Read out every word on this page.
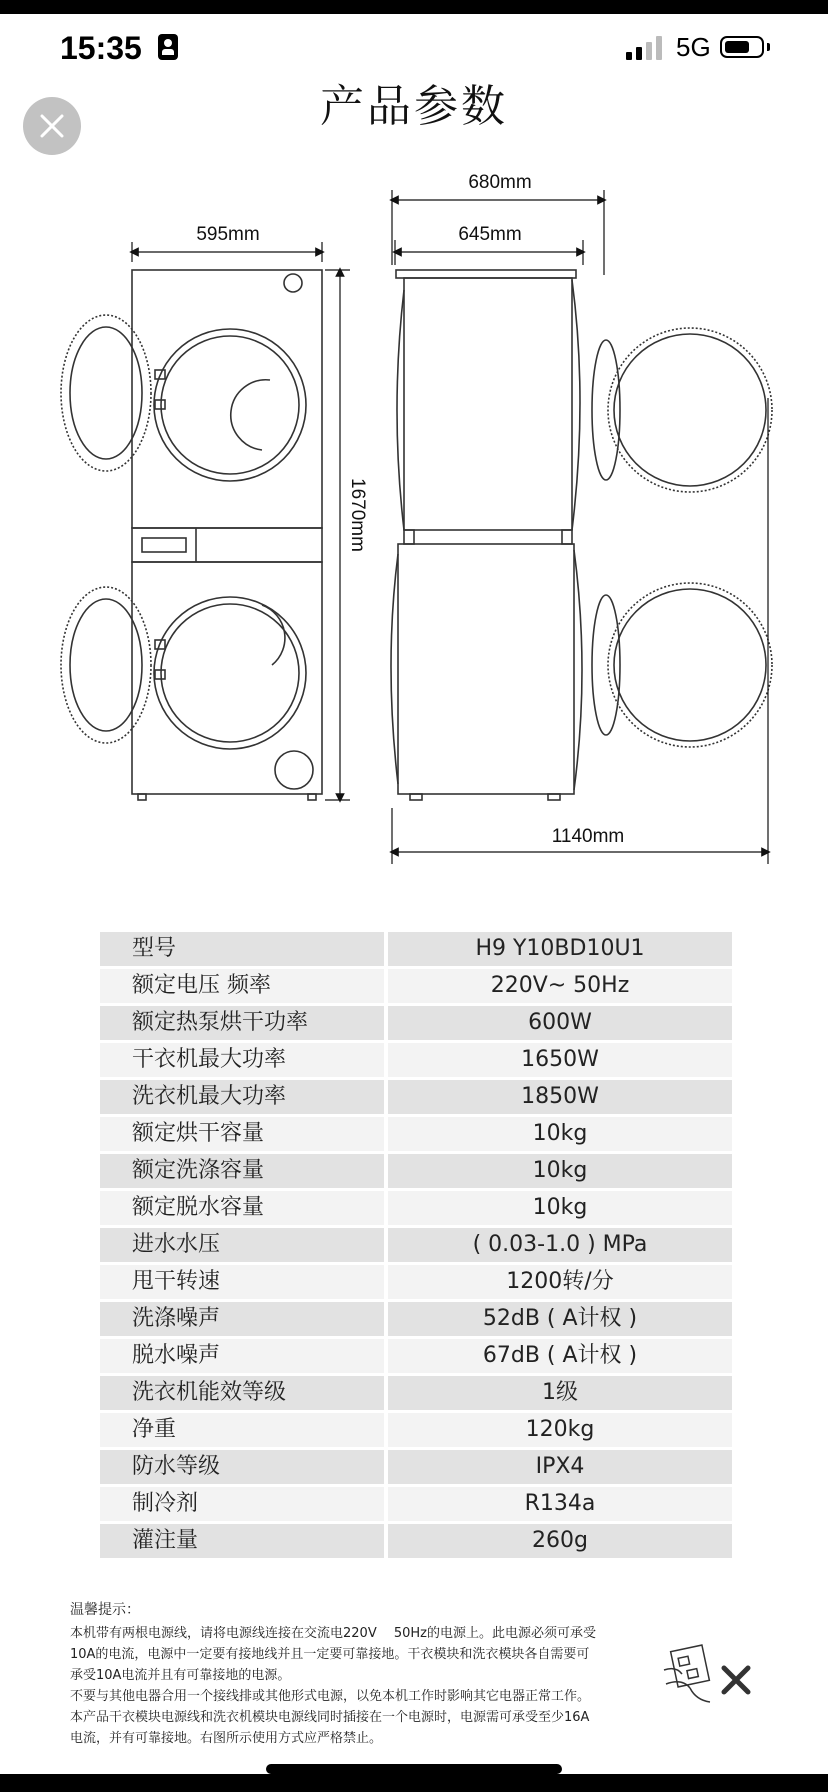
15:35	5G
产品参数
595mm
1670mm
680mm
645mm
1140mm
型号	H9 Y10BD10U1
额定电压 频率	220V~ 50Hz
额定热泵烘干功率	600W
干衣机最大功率	1650W
洗衣机最大功率	1850W
额定烘干容量	10kg
额定洗涤容量	10kg
额定脱水容量	10kg
进水水压	( 0.03-1.0 ) MPa
甩干转速	1200转/分
洗涤噪声	52dB ( A计权 )
脱水噪声	67dB ( A计权 )
洗衣机能效等级	1级
净重	120kg
防水等级	IPX4
制冷剂	R134a
灌注量	260g
温馨提示：

本机带有两根电源线，请将电源线连接在交流电220V　 50Hz的电源上。此电源必须可承受

10A的电流，电源中一定要有接地线并且一定要可靠接地。干衣模块和洗衣模块各自需要可

承受10A电流并且有可靠接地的电源。

不要与其他电器合用一个接线排或其他形式电源，以免本机工作时影响其它电器正常工作。

本产品干衣模块电源线和洗衣机模块电源线同时插接在一个电源时，电源需可承受至少16A

电流，并有可靠接地。右图所示使用方式应严格禁止。
